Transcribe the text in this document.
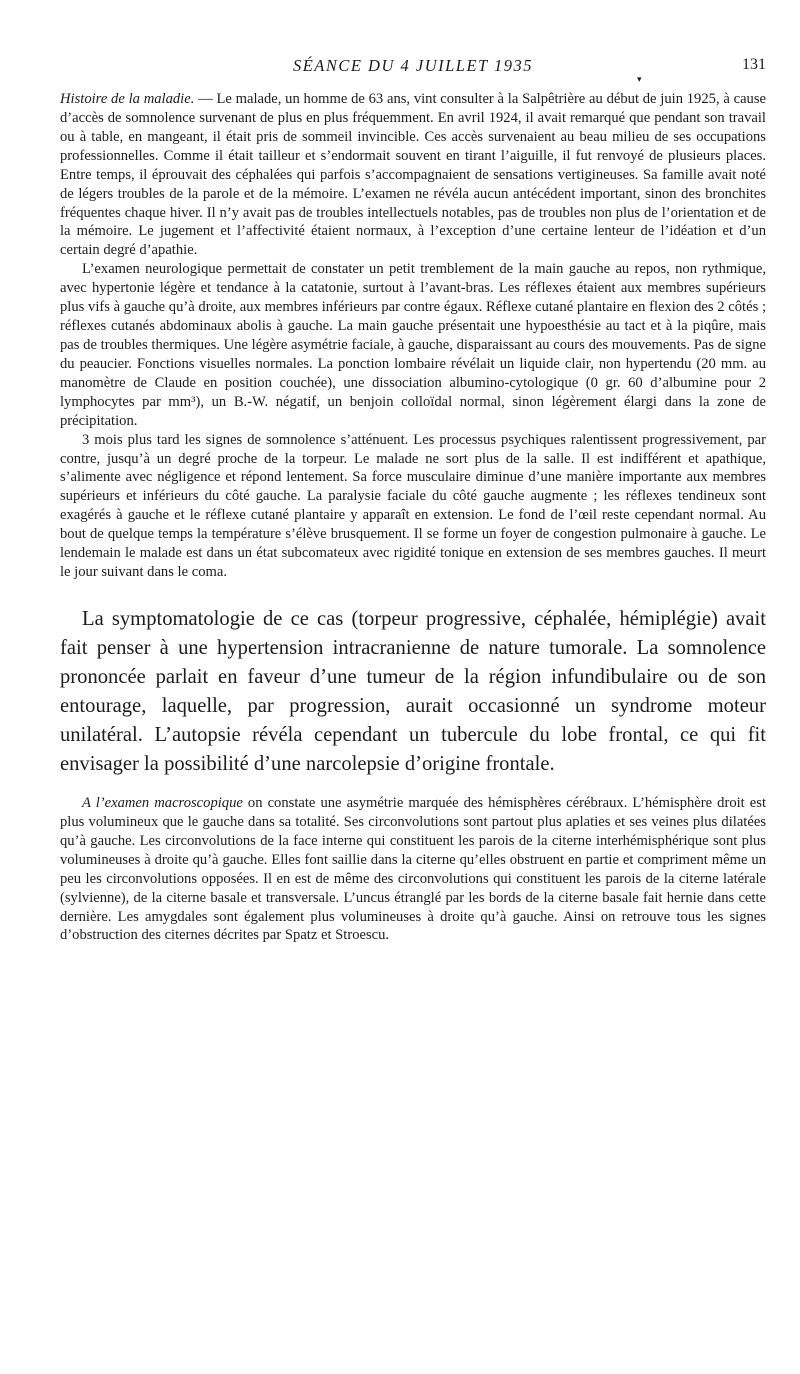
SÉANCE DU 4 JUILLET 1935
▾
131

Histoire de la maladie. — Le malade, un homme de 63 ans, vint consulter à la Salpêtrière au début de juin 1925, à cause d’accès de somnolence survenant de plus en plus fréquemment. En avril 1924, il avait remarqué que pendant son travail ou à table, en mangeant, il était pris de sommeil invincible. Ces accès survenaient au beau milieu de ses occupations professionnelles. Comme il était tailleur et s’endormait souvent en tirant l’aiguille, il fut renvoyé de plusieurs places. Entre temps, il éprouvait des céphalées qui parfois s’accompagnaient de sensations vertigineuses. Sa famille avait noté de légers troubles de la parole et de la mémoire. L’examen ne révéla aucun antécédent important, sinon des bronchites fréquentes chaque hiver. Il n’y avait pas de troubles intellectuels notables, pas de troubles non plus de l’orientation et de la mémoire. Le jugement et l’affectivité étaient normaux, à l’exception d’une certaine lenteur de l’idéation et d’un certain degré d’apathie.

L’examen neurologique permettait de constater un petit tremblement de la main gauche au repos, non rythmique, avec hypertonie légère et tendance à la catatonie, surtout à l’avant-bras. Les réflexes étaient aux membres supérieurs plus vifs à gauche qu’à droite, aux membres inférieurs par contre égaux. Réflexe cutané plantaire en flexion des 2 côtés ; réflexes cutanés abdominaux abolis à gauche. La main gauche présentait une hypoesthésie au tact et à la piqûre, mais pas de troubles thermiques. Une légère asymétrie faciale, à gauche, disparaissant au cours des mouvements. Pas de signe du peaucier. Fonctions visuelles normales. La ponction lombaire révélait un liquide clair, non hypertendu (20 mm. au manomètre de Claude en position couchée), une dissociation albumino-cytologique (0 gr. 60 d’albumine pour 2 lymphocytes par mm³), un B.-W. négatif, un benjoin colloïdal normal, sinon légèrement élargi dans la zone de précipitation.

3 mois plus tard les signes de somnolence s’atténuent. Les processus psychiques ralentissent progressivement, par contre, jusqu’à un degré proche de la torpeur. Le malade ne sort plus de la salle. Il est indifférent et apathique, s’alimente avec négligence et répond lentement. Sa force musculaire diminue d’une manière importante aux membres supérieurs et inférieurs du côté gauche. La paralysie faciale du côté gauche augmente ; les réflexes tendineux sont exagérés à gauche et le réflexe cutané plantaire y apparaît en extension. Le fond de l’œil reste cependant normal. Au bout de quelque temps la température s’élève brusquement. Il se forme un foyer de congestion pulmonaire à gauche. Le lendemain le malade est dans un état subcomateux avec rigidité tonique en extension de ses membres gauches. Il meurt le jour suivant dans le coma.

La symptomatologie de ce cas (torpeur progressive, céphalée, hémiplégie) avait fait penser à une hypertension intracranienne de nature tumorale. La somnolence prononcée parlait en faveur d’une tumeur de la région infundibulaire ou de son entourage, laquelle, par progression, aurait occasionné un syndrome moteur unilatéral. L’autopsie révéla cependant un tubercule du lobe frontal, ce qui fit envisager la possibilité d’une narcolepsie d’origine frontale.

A l’examen macroscopique on constate une asymétrie marquée des hémisphères cérébraux. L’hémisphère droit est plus volumineux que le gauche dans sa totalité. Ses circonvolutions sont partout plus aplaties et ses veines plus dilatées qu’à gauche. Les circonvolutions de la face interne qui constituent les parois de la citerne interhémisphérique sont plus volumineuses à droite qu’à gauche. Elles font saillie dans la citerne qu’elles obstruent en partie et compriment même un peu les circonvolutions opposées. Il en est de même des circonvolutions qui constituent les parois de la citerne latérale (sylvienne), de la citerne basale et transversale. L’uncus étranglé par les bords de la citerne basale fait hernie dans cette dernière. Les amygdales sont également plus volumineuses à droite qu’à gauche. Ainsi on retrouve tous les signes d’obstruction des citernes décrites par Spatz et Stroescu.
